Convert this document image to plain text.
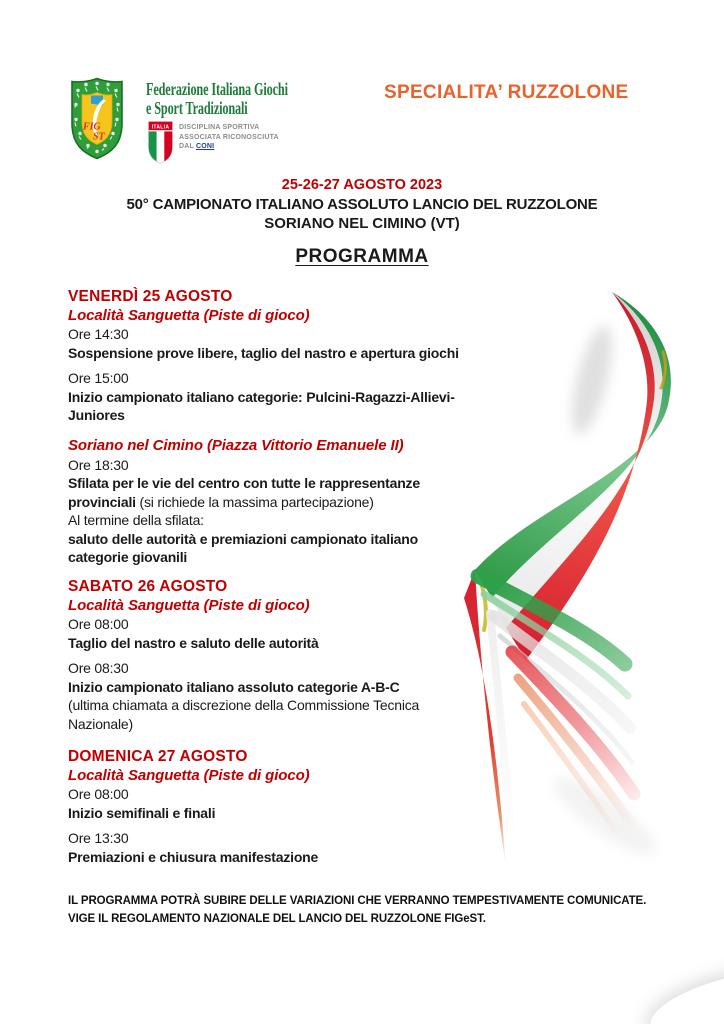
FIG
ST
Federazione Italiana Giochi
e Sport Tradizionali
ITALIA DISCIPLINA SPORTIVA
ASSOCIATA RICONOSCIUTA
DAL CONI
SPECIALITA’ RUZZOLONE
25-26-27 AGOSTO 2023
50° CAMPIONATO ITALIANO ASSOLUTO LANCIO DEL RUZZOLONE
SORIANO NEL CIMINO (VT)
PROGRAMMA
VENERDÌ 25 AGOSTO
Località Sanguetta (Piste di gioco)
Ore 14:30
Sospensione prove libere, taglio del nastro e apertura giochi
Ore 15:00
Inizio campionato italiano categorie: Pulcini-Ragazzi-Allievi-
Juniores
Soriano nel Cimino (Piazza Vittorio Emanuele II)
Ore 18:30
Sfilata per le vie del centro con tutte le rappresentanze
provinciali (si richiede la massima partecipazione)
Al termine della sfilata:
saluto delle autorità e premiazioni campionato italiano
categorie giovanili
SABATO 26 AGOSTO
Località Sanguetta (Piste di gioco)
Ore 08:00
Taglio del nastro e saluto delle autorità
Ore 08:30
Inizio campionato italiano assoluto categorie A-B-C
(ultima chiamata a discrezione della Commissione Tecnica
Nazionale)
DOMENICA 27 AGOSTO
Località Sanguetta (Piste di gioco)
Ore 08:00
Inizio semifinali e finali
Ore 13:30
Premiazioni e chiusura manifestazione
IL PROGRAMMA POTRÀ SUBIRE DELLE VARIAZIONI CHE VERRANNO TEMPESTIVAMENTE COMUNICATE.
VIGE IL REGOLAMENTO NAZIONALE DEL LANCIO DEL RUZZOLONE FIGeST.
